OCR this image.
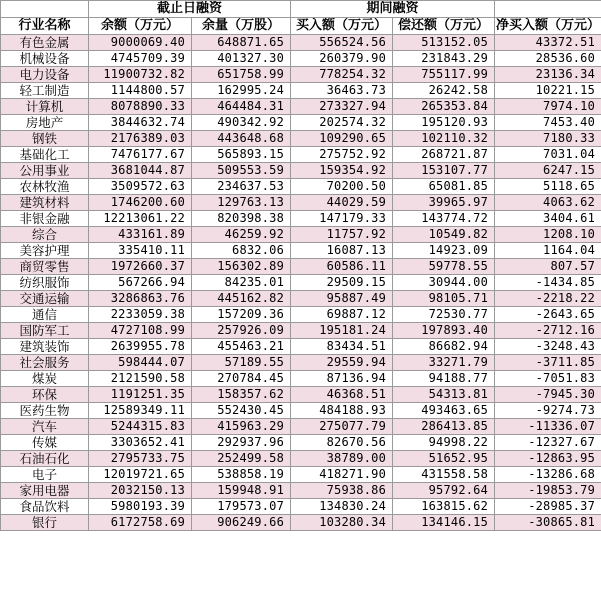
	截止日融资		期间融资		
行业名称	余额（万元）	余量（万股）	买入额（万元）	偿还额（万元）	净买入额（万元）
有色金属	9000069.40	648871.65	556524.56	513152.05	43372.51
机械设备	4745709.39	401327.30	260379.90	231843.29	28536.60
电力设备	11900732.82	651758.99	778254.32	755117.99	23136.34
轻工制造	1144800.57	162995.24	36463.73	26242.58	10221.15
计算机	8078890.33	464484.31	273327.94	265353.84	7974.10
房地产	3844632.74	490342.92	202574.32	195120.93	7453.40
钢铁	2176389.03	443648.68	109290.65	102110.32	7180.33
基础化工	7476177.67	565893.15	275752.92	268721.87	7031.04
公用事业	3681044.87	509553.59	159354.92	153107.77	6247.15
农林牧渔	3509572.63	234637.53	70200.50	65081.85	5118.65
建筑材料	1746200.60	129763.13	44029.59	39965.97	4063.62
非银金融	12213061.22	820398.38	147179.33	143774.72	3404.61
综合	433161.89	46259.92	11757.92	10549.82	1208.10
美容护理	335410.11	6832.06	16087.13	14923.09	1164.04
商贸零售	1972660.37	156302.89	60586.11	59778.55	807.57
纺织服饰	567266.94	84235.01	29509.15	30944.00	-1434.85
交通运输	3286863.76	445162.82	95887.49	98105.71	-2218.22
通信	2233059.38	157209.36	69887.12	72530.77	-2643.65
国防军工	4727108.99	257926.09	195181.24	197893.40	-2712.16
建筑装饰	2639955.78	455463.21	83434.51	86682.94	-3248.43
社会服务	598444.07	57189.55	29559.94	33271.79	-3711.85
煤炭	2121590.58	270784.45	87136.94	94188.77	-7051.83
环保	1191251.35	158357.62	46368.51	54313.81	-7945.30
医药生物	12589349.11	552430.45	484188.93	493463.65	-9274.73
汽车	5244315.83	415963.29	275077.79	286413.85	-11336.07
传媒	3303652.41	292937.96	82670.56	94998.22	-12327.67
石油石化	2795733.75	252499.58	38789.00	51652.95	-12863.95
电子	12019721.65	538858.19	418271.90	431558.58	-13286.68
家用电器	2032150.13	159948.91	75938.86	95792.64	-19853.79
食品饮料	5980193.39	179573.07	134830.24	163815.62	-28985.37
银行	6172758.69	906249.66	103280.34	134146.15	-30865.81
